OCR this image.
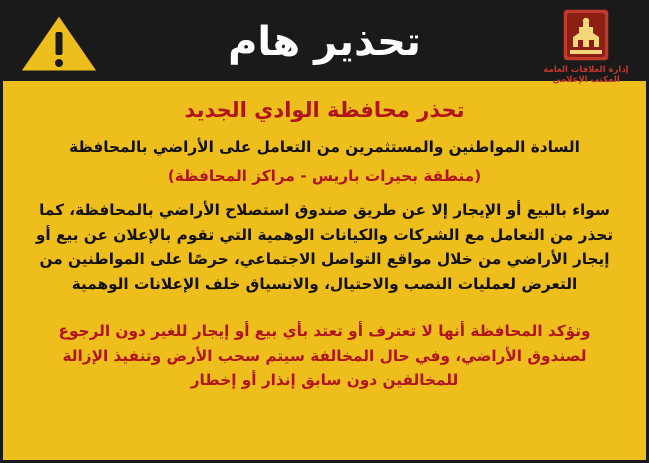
تحذير هام
إدارة العلاقات العامة
المكتب الإعلامي
تحذر محافظة الوادي الجديد
السادة المواطنين والمستثمرين من التعامل على الأراضي بالمحافظة
(منطقة بحيرات باريس - مراكز المحافظة)
سواء بالبيع أو الإيجار إلا عن طريق صندوق استصلاح الأراضي بالمحافظة، كما تحذر من التعامل مع الشركات والكيانات الوهمية التي تقوم بالإعلان عن بيع أو إيجار الأراضي من خلال مواقع التواصل الاجتماعي، حرصًا على المواطنين من التعرض لعمليات النصب والاحتيال، والانسياق خلف الإعلانات الوهمية
وتؤكد المحافظة أنها لا تعترف أو تعتد بأي بيع أو إيجار للغير دون الرجوع لصندوق الأراضي، وفي حال المخالفة سيتم سحب الأرض وتنفيذ الإزالة للمخالفين دون سابق إنذار أو إخطار
